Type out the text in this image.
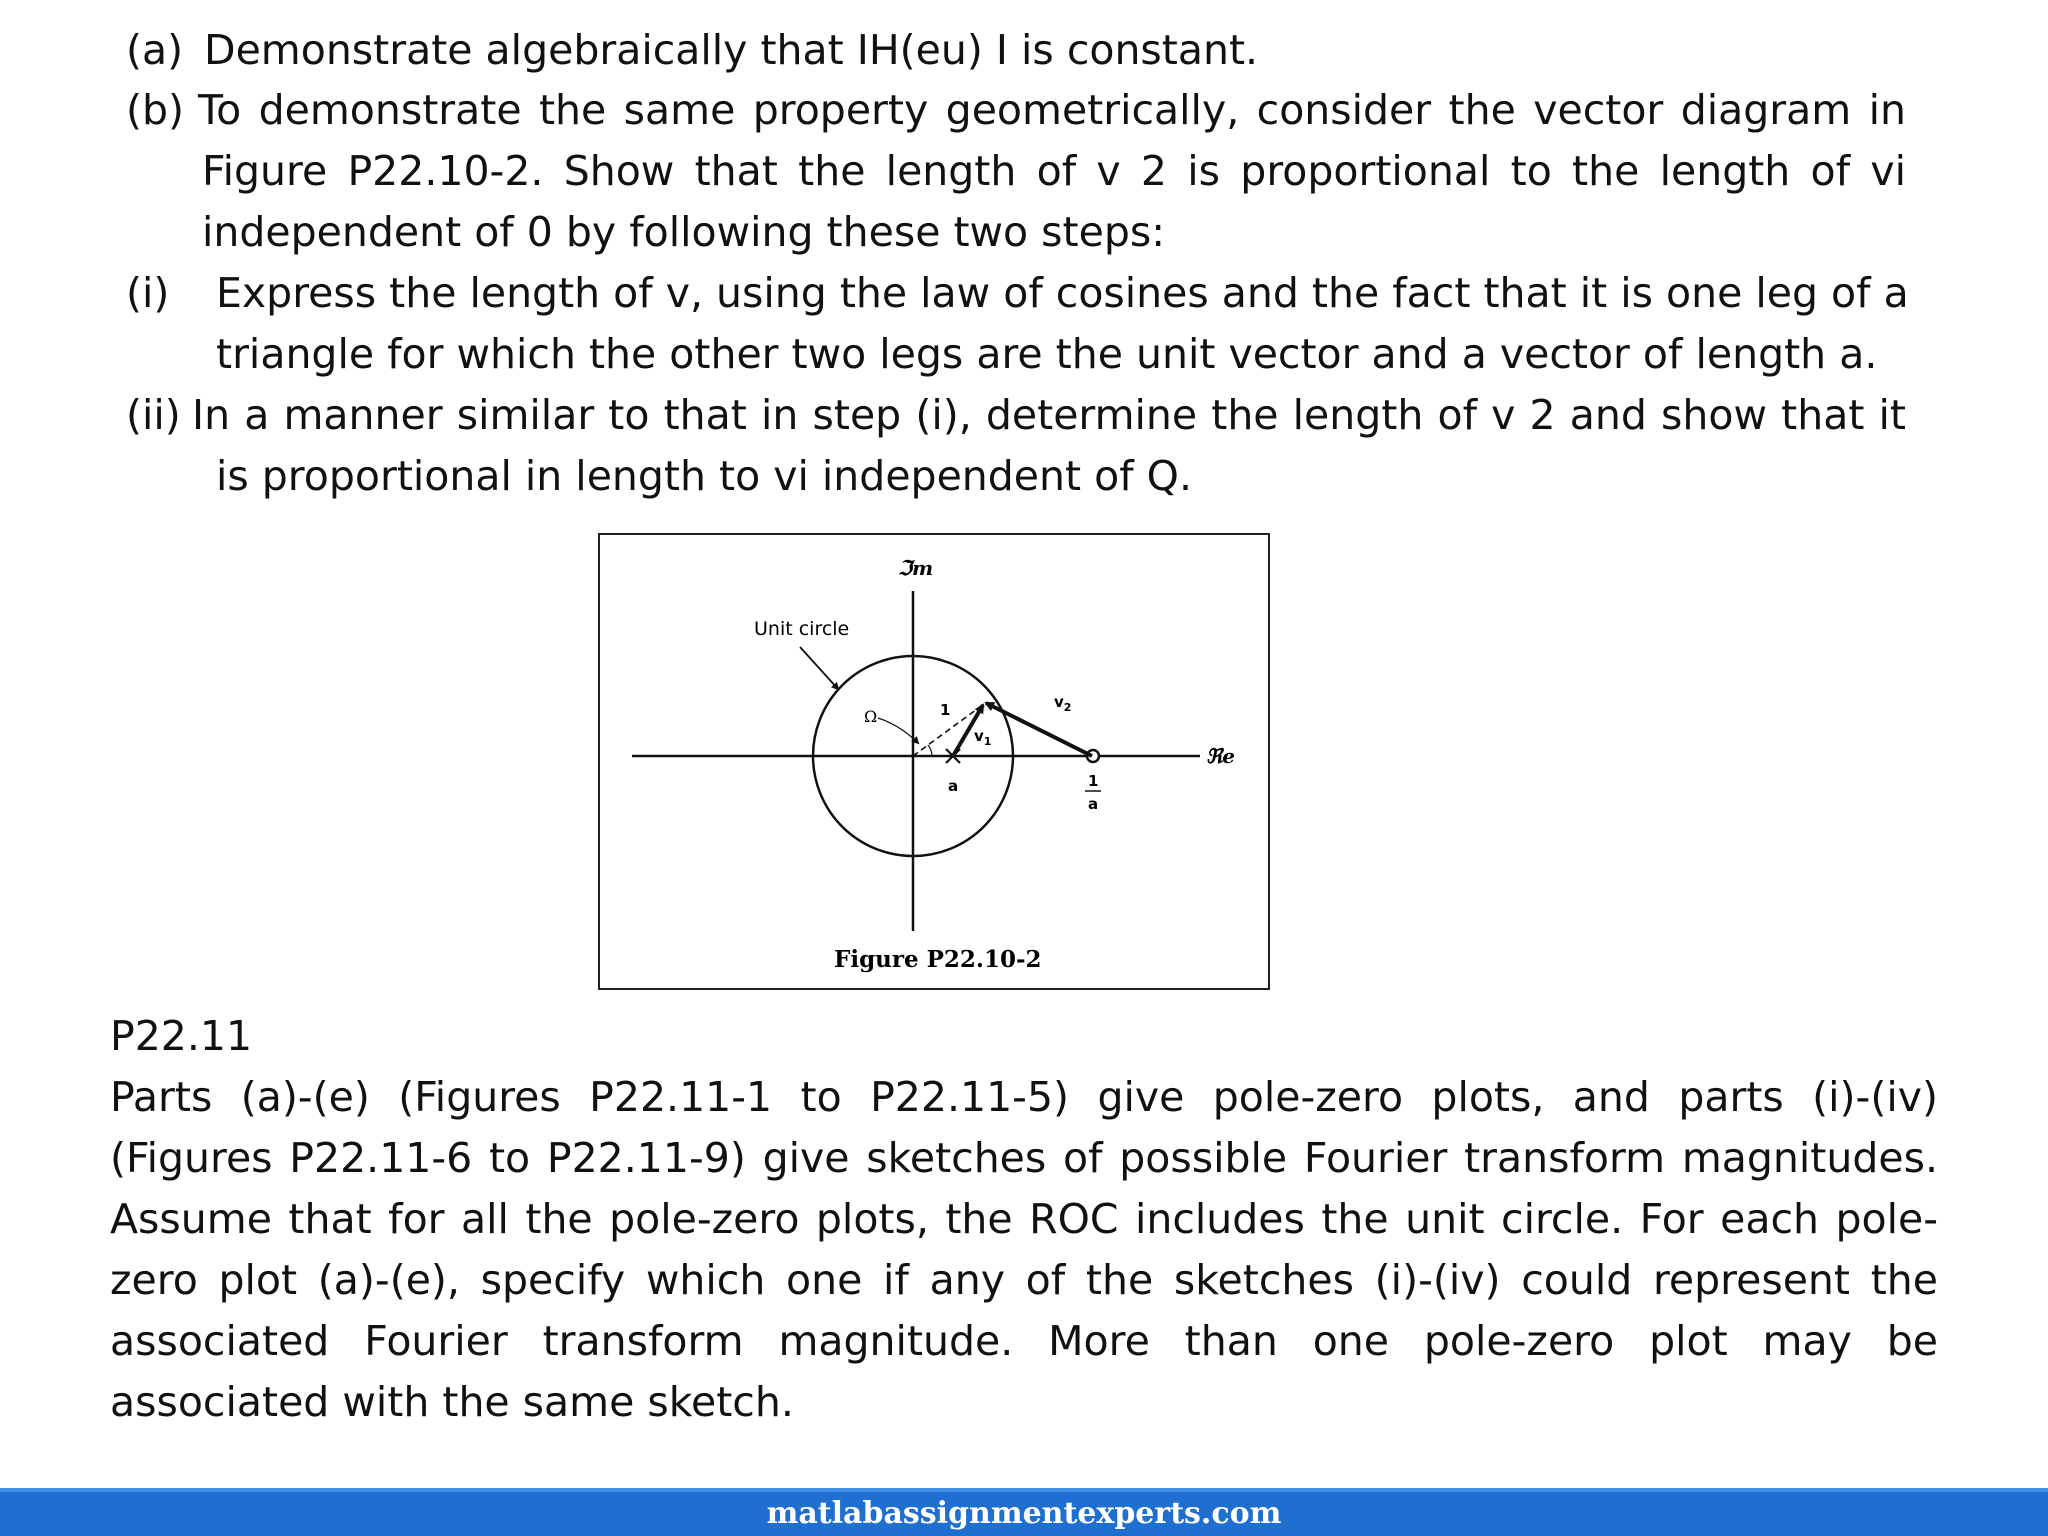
(a) Demonstrate algebraically that IH(eu) I is constant.
(b) To demonstrate the same property geometrically, consider the vector diagram in
Figure P22.10-2. Show that the length of v 2 is proportional to the length of vi
independent of 0 by following these two steps:
(i) Express the length of v, using the law of cosines and the fact that it is one leg of a
triangle for which the other two legs are the unit vector and a vector of length a.
(ii) In a manner similar to that in step (i), determine the length of v 2 and show that it
is proportional in length to vi independent of Q.
ℑm
ℜe
Unit circle
Ω	1
a
$v_1$
$v_2$
1
a
Figure P22.10-2
P22.11
Parts (a)-(e) (Figures P22.11-1 to P22.11-5) give pole-zero plots, and parts (i)-(iv)
(Figures P22.11-6 to P22.11-9) give sketches of possible Fourier transform magnitudes.
Assume that for all the pole-zero plots, the ROC includes the unit circle. For each pole-
zero plot (a)-(e), specify which one if any of the sketches (i)-(iv) could represent the
associated Fourier transform magnitude. More than one pole-zero plot may be
associated with the same sketch.
matlabassignmentexperts.com
